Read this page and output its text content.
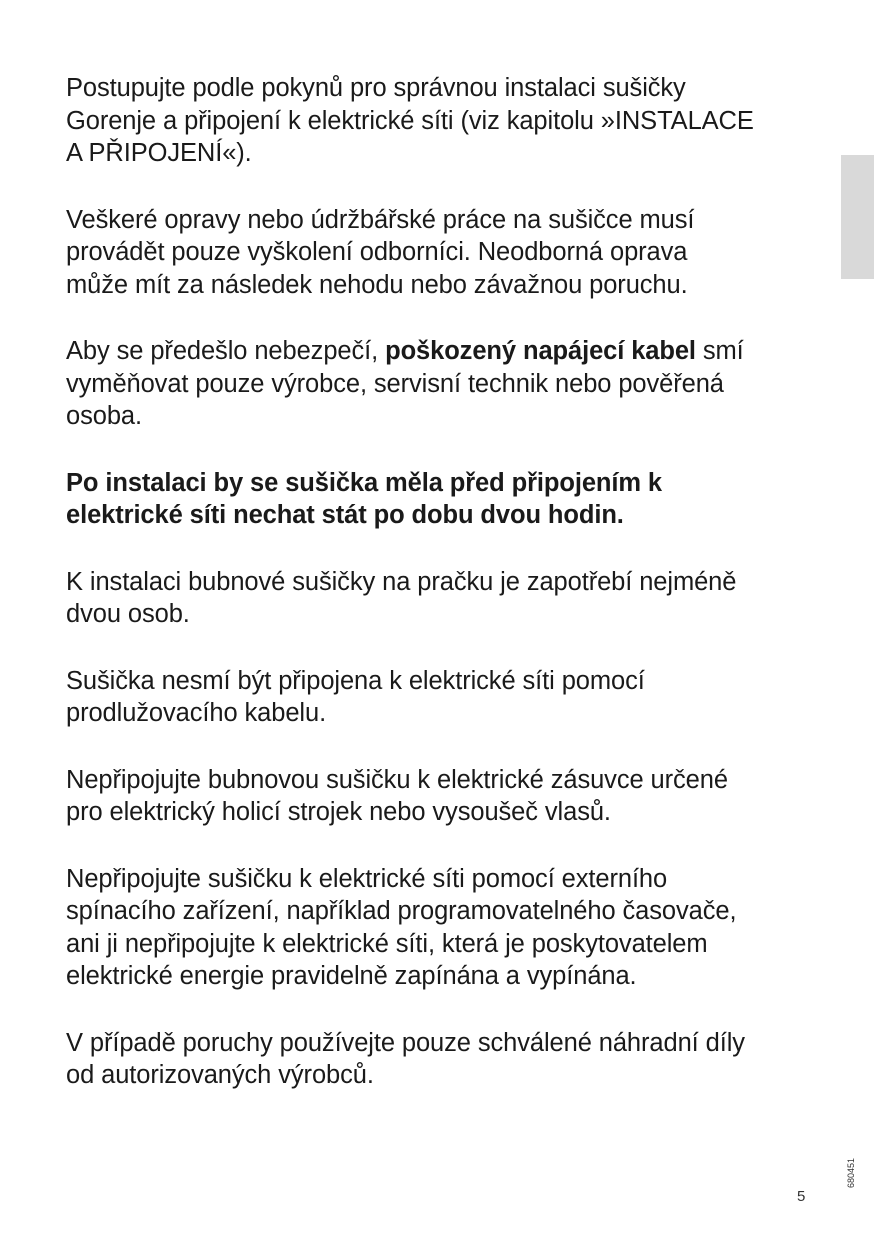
Postupujte podle pokynů pro správnou instalaci sušičky
Gorenje a připojení k elektrické síti (viz kapitolu »INSTALACE
A PŘIPOJENÍ«).

Veškeré opravy nebo údržbářské práce na sušičce musí
provádět pouze vyškolení odborníci. Neodborná oprava
může mít za následek nehodu nebo závažnou poruchu.

Aby se předešlo nebezpečí, poškozený napájecí kabel smí
vyměňovat pouze výrobce, servisní technik nebo pověřená
osoba.

Po instalaci by se sušička měla před připojením k
elektrické síti nechat stát po dobu dvou hodin.

K instalaci bubnové sušičky na pračku je zapotřebí nejméně
dvou osob.

Sušička nesmí být připojena k elektrické síti pomocí
prodlužovacího kabelu.

Nepřipojujte bubnovou sušičku k elektrické zásuvce určené
pro elektrický holicí strojek nebo vysoušeč vlasů.

Nepřipojujte sušičku k elektrické síti pomocí externího
spínacího zařízení, například programovatelného časovače,
ani ji nepřipojujte k elektrické síti, která je poskytovatelem
elektrické energie pravidelně zapínána a vypínána.

V případě poruchy používejte pouze schválené náhradní díly
od autorizovaných výrobců.

5
680451
